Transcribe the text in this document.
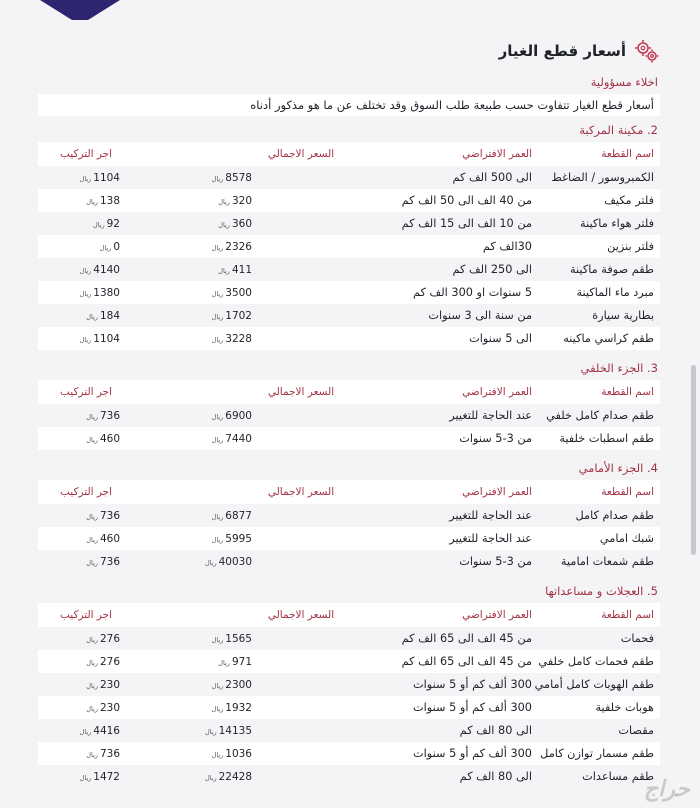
أسعار قطع الغيار
اخلاء مسؤولية
أسعار قطع الغيار تتفاوت حسب طبيعة طلب السوق وقد تختلف عن ما هو مذكور أدناه
2. مكينة المركبة
اسم القطعة
العمر الافتراضي
السعر الاجمالي
اجر التركيب
الكمبروسور / الضاغط
الى 500 الف كم
8578ريال
1104ريال
فلتر مكيف
من 40 الف الى 50 الف كم
320ريال
138ريال
فلتر هواء ماكينة
من 10 الف الى 15 الف كم
360ريال
92ريال
فلتر بنزين
30الف كم
2326ريال
0ريال
طقم صوفة ماكينة
الى 250 الف كم
411ريال
4140ريال
مبرد ماء الماكينة
5 سنوات او 300 الف كم
3500ريال
1380ريال
بطارية سيارة
من سنة الى 3 سنوات
1702ريال
184ريال
طقم كراسي ماكينه
الى 5 سنوات
3228ريال
1104ريال
3. الجزء الخلفي
اسم القطعة
العمر الافتراضي
السعر الاجمالي
اجر التركيب
طقم صدام كامل خلفي
عند الحاجة للتغيير
6900ريال
736ريال
طقم اسطبات خلفية
من 3-5 سنوات
7440ريال
460ريال
4. الجزء الأمامي
اسم القطعة
العمر الافتراضي
السعر الاجمالي
اجر التركيب
طقم صدام كامل
عند الحاجة للتغيير
6877ريال
736ريال
شبك امامي
عند الحاجة للتغيير
5995ريال
460ريال
طقم شمعات امامية
من 3-5 سنوات
40030ريال
736ريال
5. العجلات و مساعداتها
اسم القطعة
العمر الافتراضي
السعر الاجمالي
اجر التركيب
فحمات
من 45 الف الى 65 الف كم
1565ريال
276ريال
طقم فحمات كامل خلفي
من 45 الف الى 65 الف كم
971ريال
276ريال
طقم الهوبات كامل أمامي
300 ألف كم أو 5 سنوات
2300ريال
230ريال
هوبات خلفية
300 ألف كم أو 5 سنوات
1932ريال
230ريال
مقصات
الى 80 الف كم
14135ريال
4416ريال
طقم مسمار توازن كامل
300 ألف كم أو 5 سنوات
1036ريال
736ريال
طقم مساعدات
الى 80 الف كم
22428ريال
1472ريال	حراج
